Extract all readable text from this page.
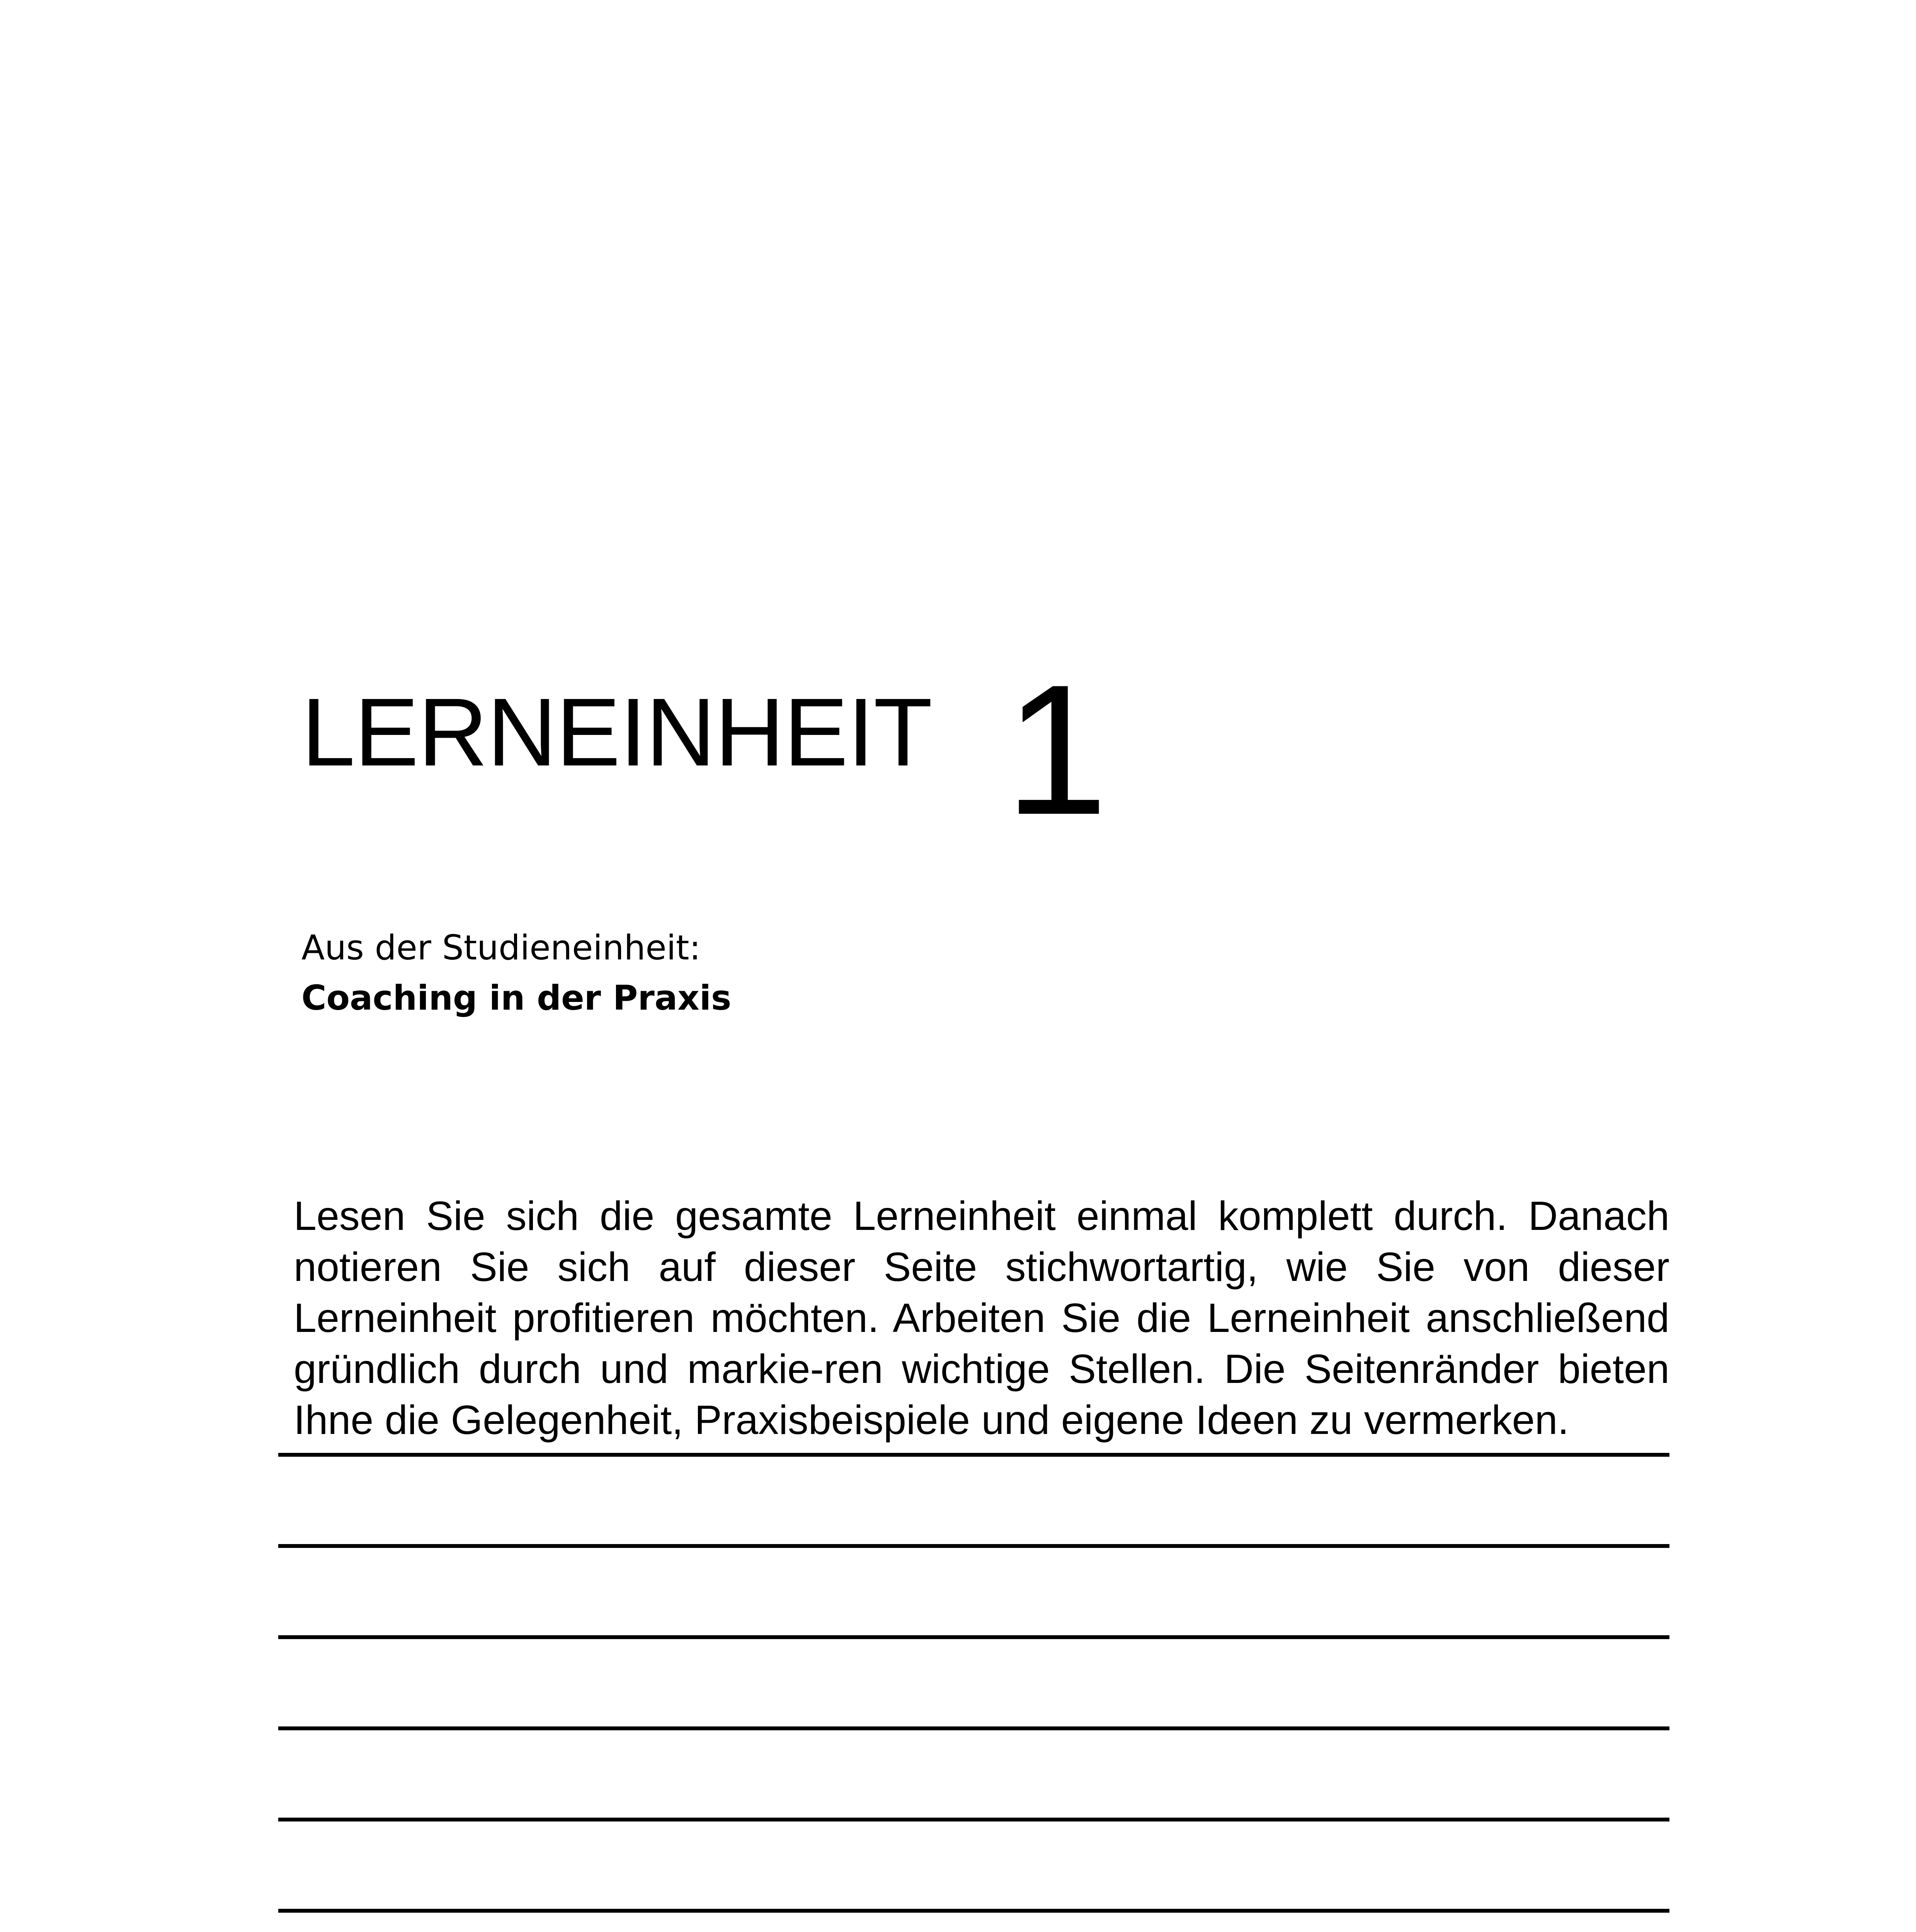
LERNEINHEIT 1
Aus der Studieneinheit:
Coaching in der Praxis

Lesen Sie sich die gesamte Lerneinheit einmal komplett durch. Danach notieren Sie sich auf dieser Seite stichwortartig, wie Sie von dieser Lerneinheit profitieren möchten. Arbeiten Sie die Lerneinheit anschließend gründlich durch und markie-ren wichtige Stellen. Die Seitenränder bieten Ihne die Gelegenheit, Praxisbeispiele und eigene Ideen zu vermerken.
